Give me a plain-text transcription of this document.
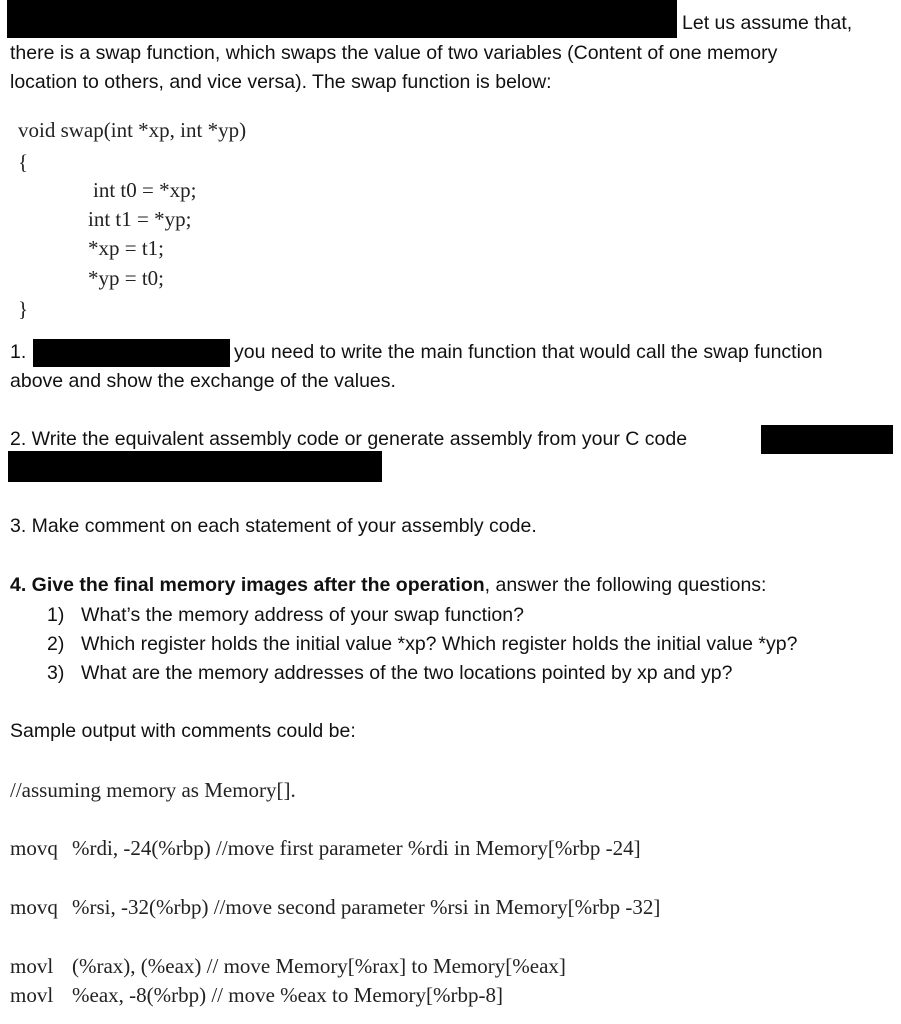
Let us assume that,
there is a swap function, which swaps the value of two variables (Content of one memory
location to others, and vice versa). The swap function is below:
void swap(int *xp, int *yp)
{
int t0 = *xp;
int t1 = *yp;
*xp = t1;
*yp = t0;
}
1.	you need to write the main function that would call the swap function
above and show the exchange of the values.
2. Write the equivalent assembly code or generate assembly from your C code
3. Make comment on each statement of your assembly code.
4. Give the final memory images after the operation, answer the following questions:
1) What’s the memory address of your swap function?
2) Which register holds the initial value *xp? Which register holds the initial value *yp?
3) What are the memory addresses of the two locations pointed by xp and yp?
Sample output with comments could be:
//assuming memory as Memory[].
movq %rdi, -24(%rbp) //move first parameter %rdi in Memory[%rbp -24]
movq %rsi, -32(%rbp) //move second parameter %rsi in Memory[%rbp -32]
movl (%rax), (%eax) // move Memory[%rax] to Memory[%eax]
movl %eax, -8(%rbp) // move %eax to Memory[%rbp-8]
